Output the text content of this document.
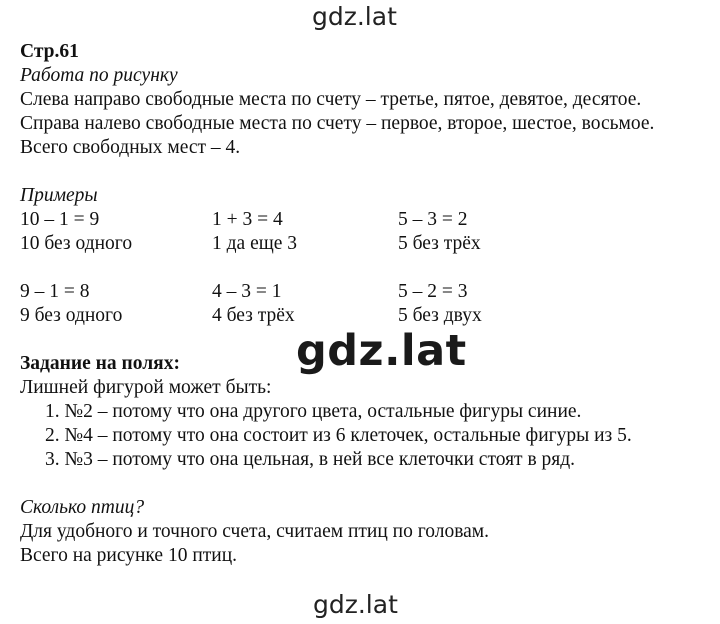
gdz.lat
Стр.61
Работа по рисунку
Слева направо свободные места по счету – третье, пятое, девятое, десятое.
Справа налево свободные места по счету – первое, второе, шестое, восьмое.
Всего свободных мест – 4.
Примеры
10 – 1 = 9	1 + 3 = 4	5 – 3 = 2
10 без одного	1 да еще 3	5 без трёх
9 – 1 = 8	4 – 3 = 1	5 – 2 = 3
9 без одного	4 без трёх	5 без двух
Задание на полях:
Лишней фигурой может быть:
1. №2 – потому что она другого цвета, остальные фигуры синие.
2. №4 – потому что она состоит из 6 клеточек, остальные фигуры из 5.
3. №3 – потому что она цельная, в ней все клеточки стоят в ряд.
Сколько птиц?
Для удобного и точного счета, считаем птиц по головам.
Всего на рисунке 10 птиц.
gdz.lat
gdz.lat
